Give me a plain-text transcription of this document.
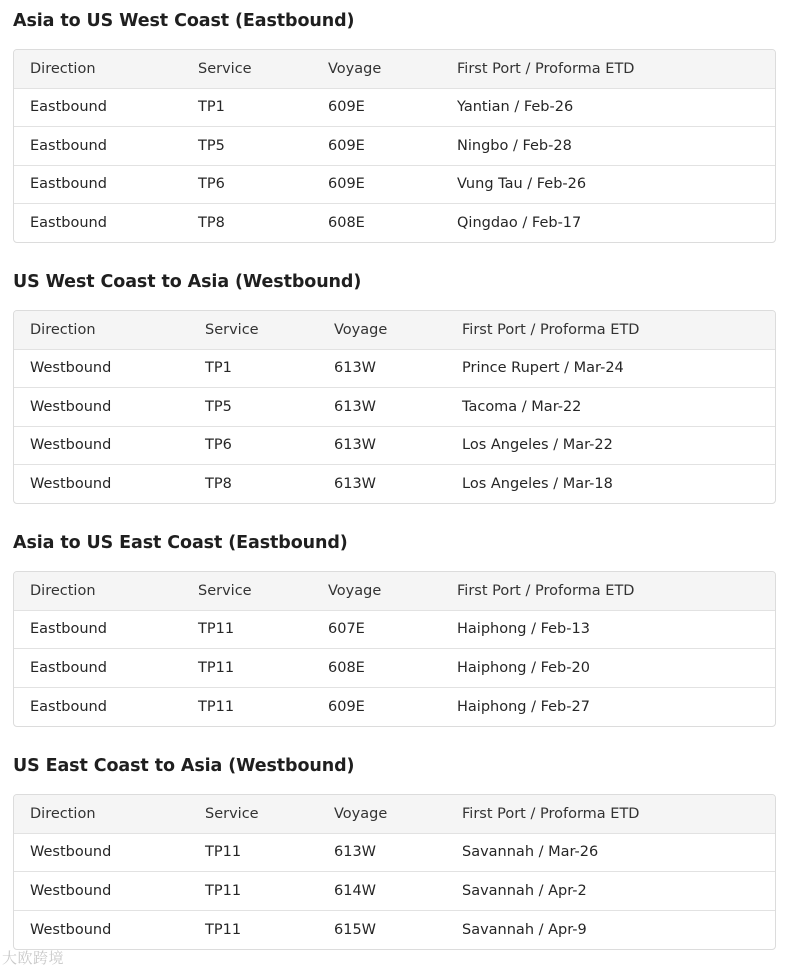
Asia to US West Coast (Eastbound)
Direction	Service	Voyage	First Port / Proforma ETD
Eastbound	TP1	609E	Yantian / Feb-26
Eastbound	TP5	609E	Ningbo / Feb-28
Eastbound	TP6	609E	Vung Tau / Feb-26
Eastbound	TP8	608E	Qingdao / Feb-17
US West Coast to Asia (Westbound)
Direction	Service	Voyage	First Port / Proforma ETD
Westbound	TP1	613W	Prince Rupert / Mar-24
Westbound	TP5	613W	Tacoma / Mar-22
Westbound	TP6	613W	Los Angeles / Mar-22
Westbound	TP8	613W	Los Angeles / Mar-18
Asia to US East Coast (Eastbound)
Direction	Service	Voyage	First Port / Proforma ETD
Eastbound	TP11	607E	Haiphong / Feb-13
Eastbound	TP11	608E	Haiphong / Feb-20
Eastbound	TP11	609E	Haiphong / Feb-27
US East Coast to Asia (Westbound)
Direction	Service	Voyage	First Port / Proforma ETD
Westbound	TP11	613W	Savannah / Mar-26
Westbound	TP11	614W	Savannah / Apr-2
Westbound	TP11	615W	Savannah / Apr-9
大欧跨境
